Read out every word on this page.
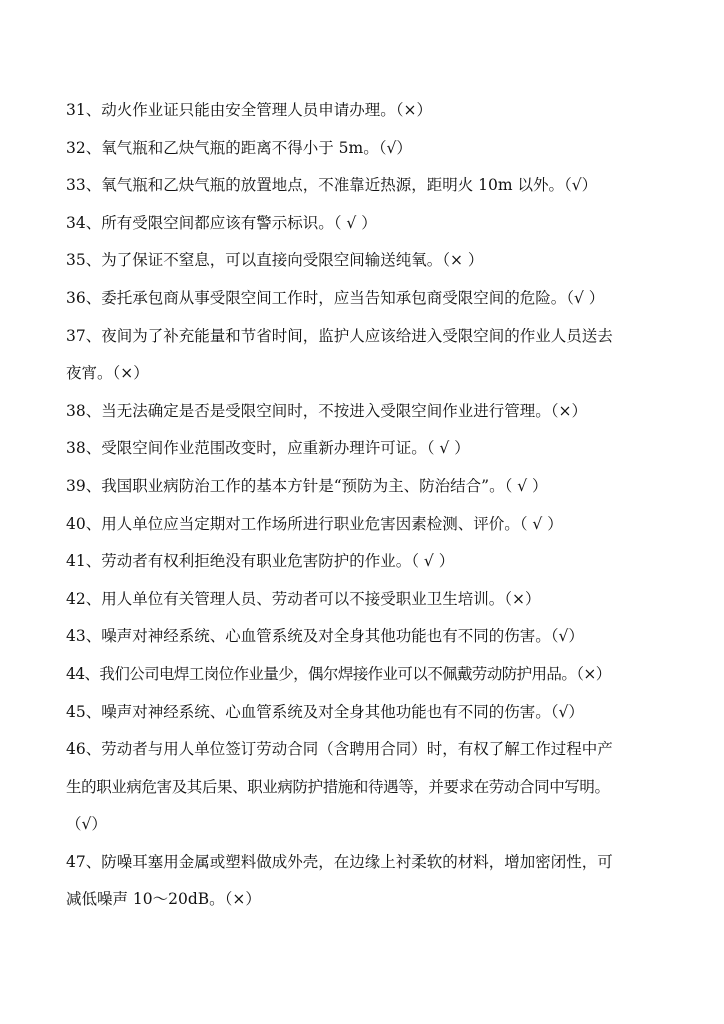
31、动火作业证只能由安全管理人员申请办理。（×）
32、氧气瓶和乙炔气瓶的距离不得小于 5m。（√）
33、氧气瓶和乙炔气瓶的放置地点，不准靠近热源，距明火 10m 以外。（√）
34、所有受限空间都应该有警示标识。（ √ ）
35、为了保证不窒息，可以直接向受限空间输送纯氧。（× ）
36、委托承包商从事受限空间工作时，应当告知承包商受限空间的危险。（√ ）
37、夜间为了补充能量和节省时间，监护人应该给进入受限空间的作业人员送去
夜宵。（×）
38、当无法确定是否是受限空间时，不按进入受限空间作业进行管理。（×）
38、受限空间作业范围改变时，应重新办理许可证。（ √ ）
39、我国职业病防治工作的基本方针是“预防为主、防治结合”。（ √ ）
40、用人单位应当定期对工作场所进行职业危害因素检测、评价。（ √ ）
41、劳动者有权利拒绝没有职业危害防护的作业。（ √ ）
42、用人单位有关管理人员、劳动者可以不接受职业卫生培训。（×）
43、噪声对神经系统、心血管系统及对全身其他功能也有不同的伤害。（√）
44、我们公司电焊工岗位作业量少，偶尔焊接作业可以不佩戴劳动防护用品。（×）
45、噪声对神经系统、心血管系统及对全身其他功能也有不同的伤害。（√）
46、劳动者与用人单位签订劳动合同（含聘用合同）时，有权了解工作过程中产
生的职业病危害及其后果、职业病防护措施和待遇等，并要求在劳动合同中写明。
（√）
47、防噪耳塞用金属或塑料做成外壳，在边缘上衬柔软的材料，增加密闭性，可
减低噪声 10～20dB。（×）
